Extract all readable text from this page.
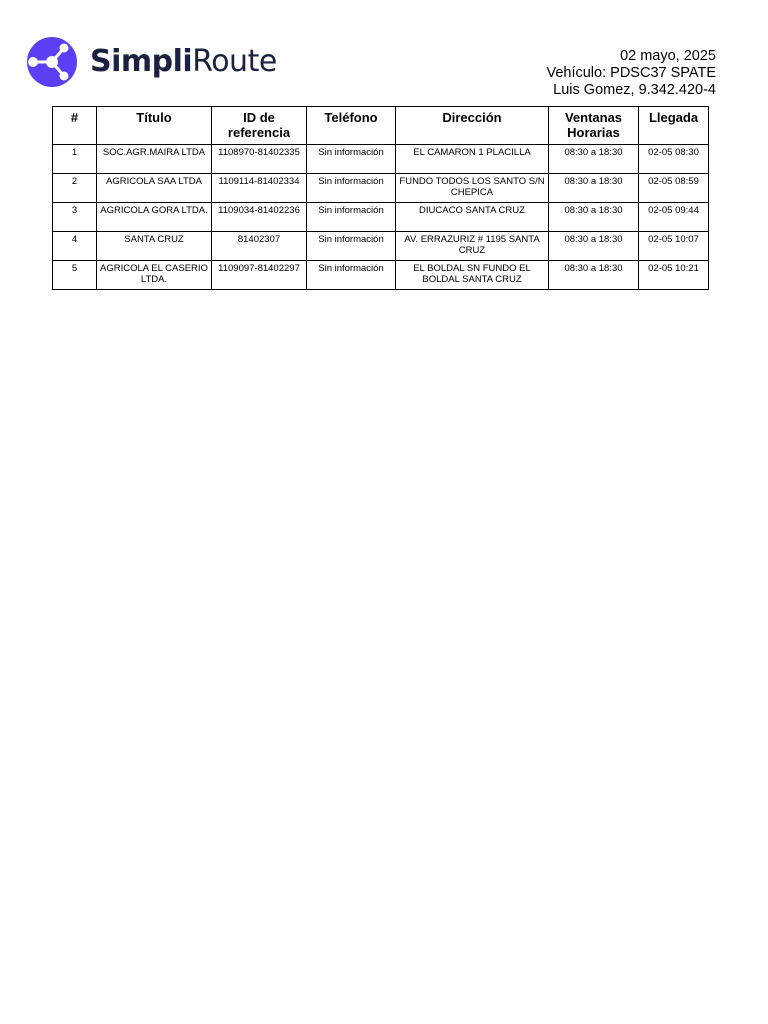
SimpliRoute	02 mayo, 2025
Vehículo: PDSC37 SPATE
Luis Gomez, 9.342.420-4
#	Título	ID de referencia	Teléfono	Dirección	Ventanas Horarias	Llegada
1	SOC.AGR.MAIRA LTDA	1108970-81402335	Sin información	EL CAMARON 1 PLACILLA	08:30 a 18:30	02-05 08:30
2	AGRICOLA SAA LTDA	1109114-81402334	Sin información	FUNDO TODOS LOS SANTO S/N CHEPICA	08:30 a 18:30	02-05 08:59
3	AGRICOLA GORA LTDA.	1109034-81402236	Sin información	DIUCACO SANTA CRUZ	08:30 a 18:30	02-05 09:44
4	SANTA CRUZ	81402307	Sin información	AV. ERRAZURIZ # 1195 SANTA CRUZ	08:30 a 18:30	02-05 10:07
5	AGRICOLA EL CASERIO LTDA.	1109097-81402297	Sin información	EL BOLDAL SN FUNDO EL BOLDAL SANTA CRUZ	08:30 a 18:30	02-05 10:21
